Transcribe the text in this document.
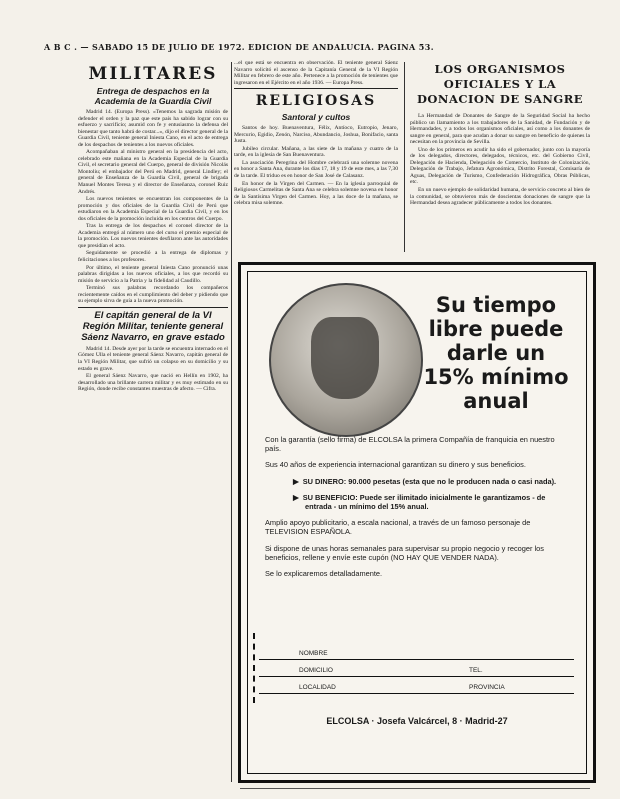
A B C . — SABADO 15 DE JULIO DE 1972. EDICION DE ANDALUCIA. PAGINA 53.
MILITARES
Entrega de despachos en la Academia de la Guardia Civil

Madrid 14. (Europa Press). «Tenemos la sagrada misión de defender el orden y la paz que este país ha sabido lograr con su esfuerzo y sacrificio; asumid con fe y entusiasmo la defensa del bienestar que tanto habrá de costar...», dijo el director general de la Guardia Civil, teniente general Iniesta Cano, en el acto de entrega de los despachos de tenientes a los nuevos oficiales.

Acompañaban al ministro general en la presidencia del acto, celebrado este mañana en la Academia Especial de la Guardia Civil, el secretario general del Cuerpo, general de división Nicolás Montoliu; el embajador del Perú en Madrid, general Lindley; el general de Enseñanza de la Guardia Civil, general de brigada Manuel Montes Teresa y el director de Enseñanza, coronel Ruiz Andrés.

Los nuevos tenientes se encuentran los componentes de la promoción y dos oficiales de la Guardia Civil de Perú que estudiaron en la Academia Especial de la Guardia Civil, y en los dos oficiales de la promoción incluida en los centros del Cuerpo.

Tras la entrega de los despachos el coronel director de la Academia entregó al número uno del curso el premio especial de la promoción. Los nuevos tenientes desfilaron ante las autoridades que presidían el acto.

Seguidamente se procedió a la entrega de diplomas y felicitaciones a los profesores.

Por último, el teniente general Iniesta Cano pronunció unas palabras dirigidas a los nuevos oficiales, a los que recordó su misión de servicio a la Patria y la fidelidad al Caudillo.

Terminó sus palabras recordando los compañeros recientemente caídos en el cumplimiento del deber y pidiendo que su ejemplo sirva de guía a la nueva promoción.

El capitán general de la VI Región Militar, teniente general Sáenz Navarro, en grave estado

Madrid 14. Desde ayer por la tarde se encuentra internado en el Gómez Ulla el teniente general Sáenz Navarro, capitán general de la VI Región Militar, que sufrió un colapso en su domicilio y su estado es grave.

El general Sáenz Navarro, que nació en Hellín en 1902, ha desarrollado una brillante carrera militar y es muy estimado en su Región, donde recibe constantes muestras de afecto. — Cifra.

...el que está se encuentra en observación. El teniente general Sáenz Navarro solicitó el ascenso de la Capitanía General de la VI Región Militar en febrero de este año. Pertenece a la promoción de tenientes que ingresaron en el Ejército en el año 1936. — Europa Press.

RELIGIOSAS
Santoral y cultos

Santos de hoy. Buenaventura, Félix, Antíoco, Eutropio, Jenaro, Mercurio, Egidio, Zenón, Narciso, Abundancio, Joshua, Bonifacio, santa Justa.

Jubileo circular. Mañana, a las siete de la mañana y cuatro de la tarde, en la iglesia de San Buenaventura.

La asociación Peregrina del Hombre celebrará una solemne novena en honor a Santa Ana, durante los días 17, 18 y 19 de este mes, a las 7,30 de la tarde. El triduo es en honor de San José de Calasanz.

En honor de la Virgen del Carmen. — En la iglesia parroquial de Religiosos Carmelitas de Santa Ana se celebra solemne novena en honor de la Santísima Virgen del Carmen. Hoy, a las doce de la mañana, se celebra misa solemne.

LOS ORGANISMOS OFICIALES Y LA DONACION DE SANGRE

La Hermandad de Donantes de Sangre de la Seguridad Social ha hecho público un llamamiento a los trabajadores de la Sanidad, de Fundación y de Hermandades, y a todos los organismos oficiales, así como a los donantes de sangre en general, para que acudan a donar su sangre en beneficio de quienes la necesitan en la provincia de Sevilla.

Uno de los primeros en acudir ha sido el gobernador, junto con la mayoría de los delegados, directores, delegados, técnicos, etc. del Gobierno Civil, Delegación de Hacienda, Delegación de Comercio, Instituto de Colonización, Delegación de Trabajo, Jefatura Agronómica, Distrito Forestal, Comisaría de Aguas, Delegación de Turismo, Confederación Hidrográfica, Obras Públicas, etc.

En un nuevo ejemplo de solidaridad humana, de servicio concreto al bien de la comunidad, se obtuvieron más de doscientas donaciones de sangre que la Hermandad desea agradecer públicamente a todos los donantes.

Su tiempo libre puede darle un 15% mínimo anual
Con la garantía (sello firma) de ELCOLSA la primera Compañía de franquicia en nuestro país.
Sus 40 años de experiencia internacional garantizan su dinero y sus beneficios.
▶ SU DINERO: 90.000 pesetas (esta que no le producen nada o casi nada).
▶ SU BENEFICIO: Puede ser ilimitado inicialmente le garantizamos - de entrada - un mínimo del 15% anual.
Amplio apoyo publicitario, a escala nacional, a través de un famoso personaje de TELEVISION ESPAÑOLA.
Si dispone de unas horas semanales para supervisar su propio negocio y recoger los beneficios, rellene y envíe este cupón (NO HAY QUE VENDER NADA).
Se lo explicaremos detalladamente.
NOMBRE
DOMICILIO	TEL.
LOCALIDAD	PROVINCIA
ELCOLSA · Josefa Valcárcel, 8 · Madrid-27
